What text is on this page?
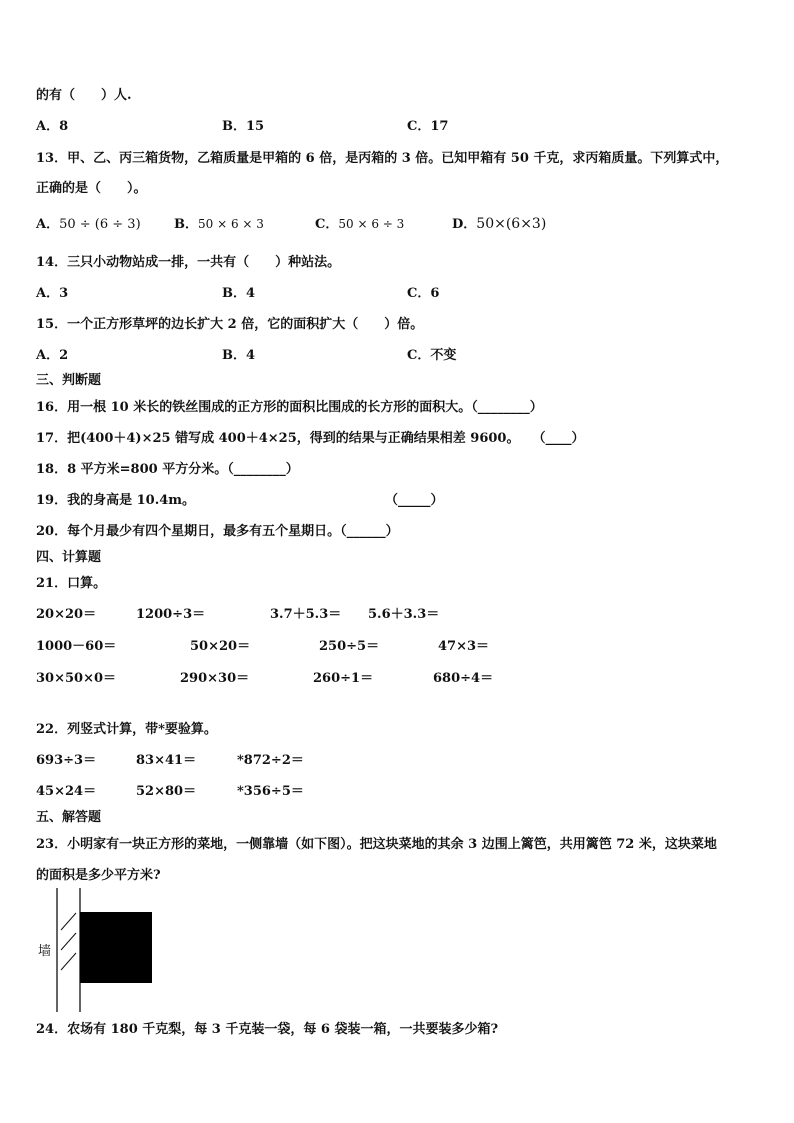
的有（　　）人.
A．8	B．15	C．17
13．甲、乙、丙三箱货物，乙箱质量是甲箱的 6 倍，是丙箱的 3 倍。已知甲箱有 50 千克，求丙箱质量。下列算式中，
正确的是（　　）。
A．50 ÷ (6 ÷ 3)	B．50 × 6 × 3	C．50 × 6 ÷ 3	D．50×(6×3)
14．三只小动物站成一排，一共有（　　）种站法。
A．3	B．4	C．6
15．一个正方形草坪的边长扩大 2 倍，它的面积扩大（　　）倍。
A．2	B．4	C．不变
三、判断题
16．用一根 10 米长的铁丝围成的正方形的面积比围成的长方形的面积大。（________）
17．把(400＋4)×25 错写成 400＋4×25，得到的结果与正确结果相差 9600。　　（____）
18．8 平方米=800 平方分米。（________）
19．我的身高是 10.4m。	（_____）
20．每个月最少有四个星期日，最多有五个星期日。（______）
四、计算题
21．口算。
20×20＝	1200÷3＝	3.7＋5.3＝ 5.6＋3.3＝
1000－60＝	50×20＝	250÷5＝	47×3＝
30×50×0＝	290×30＝	260÷1＝	680÷4＝
22．列竖式计算，带*要验算。
693÷3＝	83×41＝	*872÷2＝
45×24＝	52×80＝	*356÷5＝
五、解答题
23．小明家有一块正方形的菜地，一侧靠墙（如下图）。把这块菜地的其余 3 边围上篱笆，共用篱笆 72 米，这块菜地
的面积是多少平方米?
墙
24．农场有 180 千克梨，每 3 千克装一袋，每 6 袋装一箱，一共要装多少箱?
